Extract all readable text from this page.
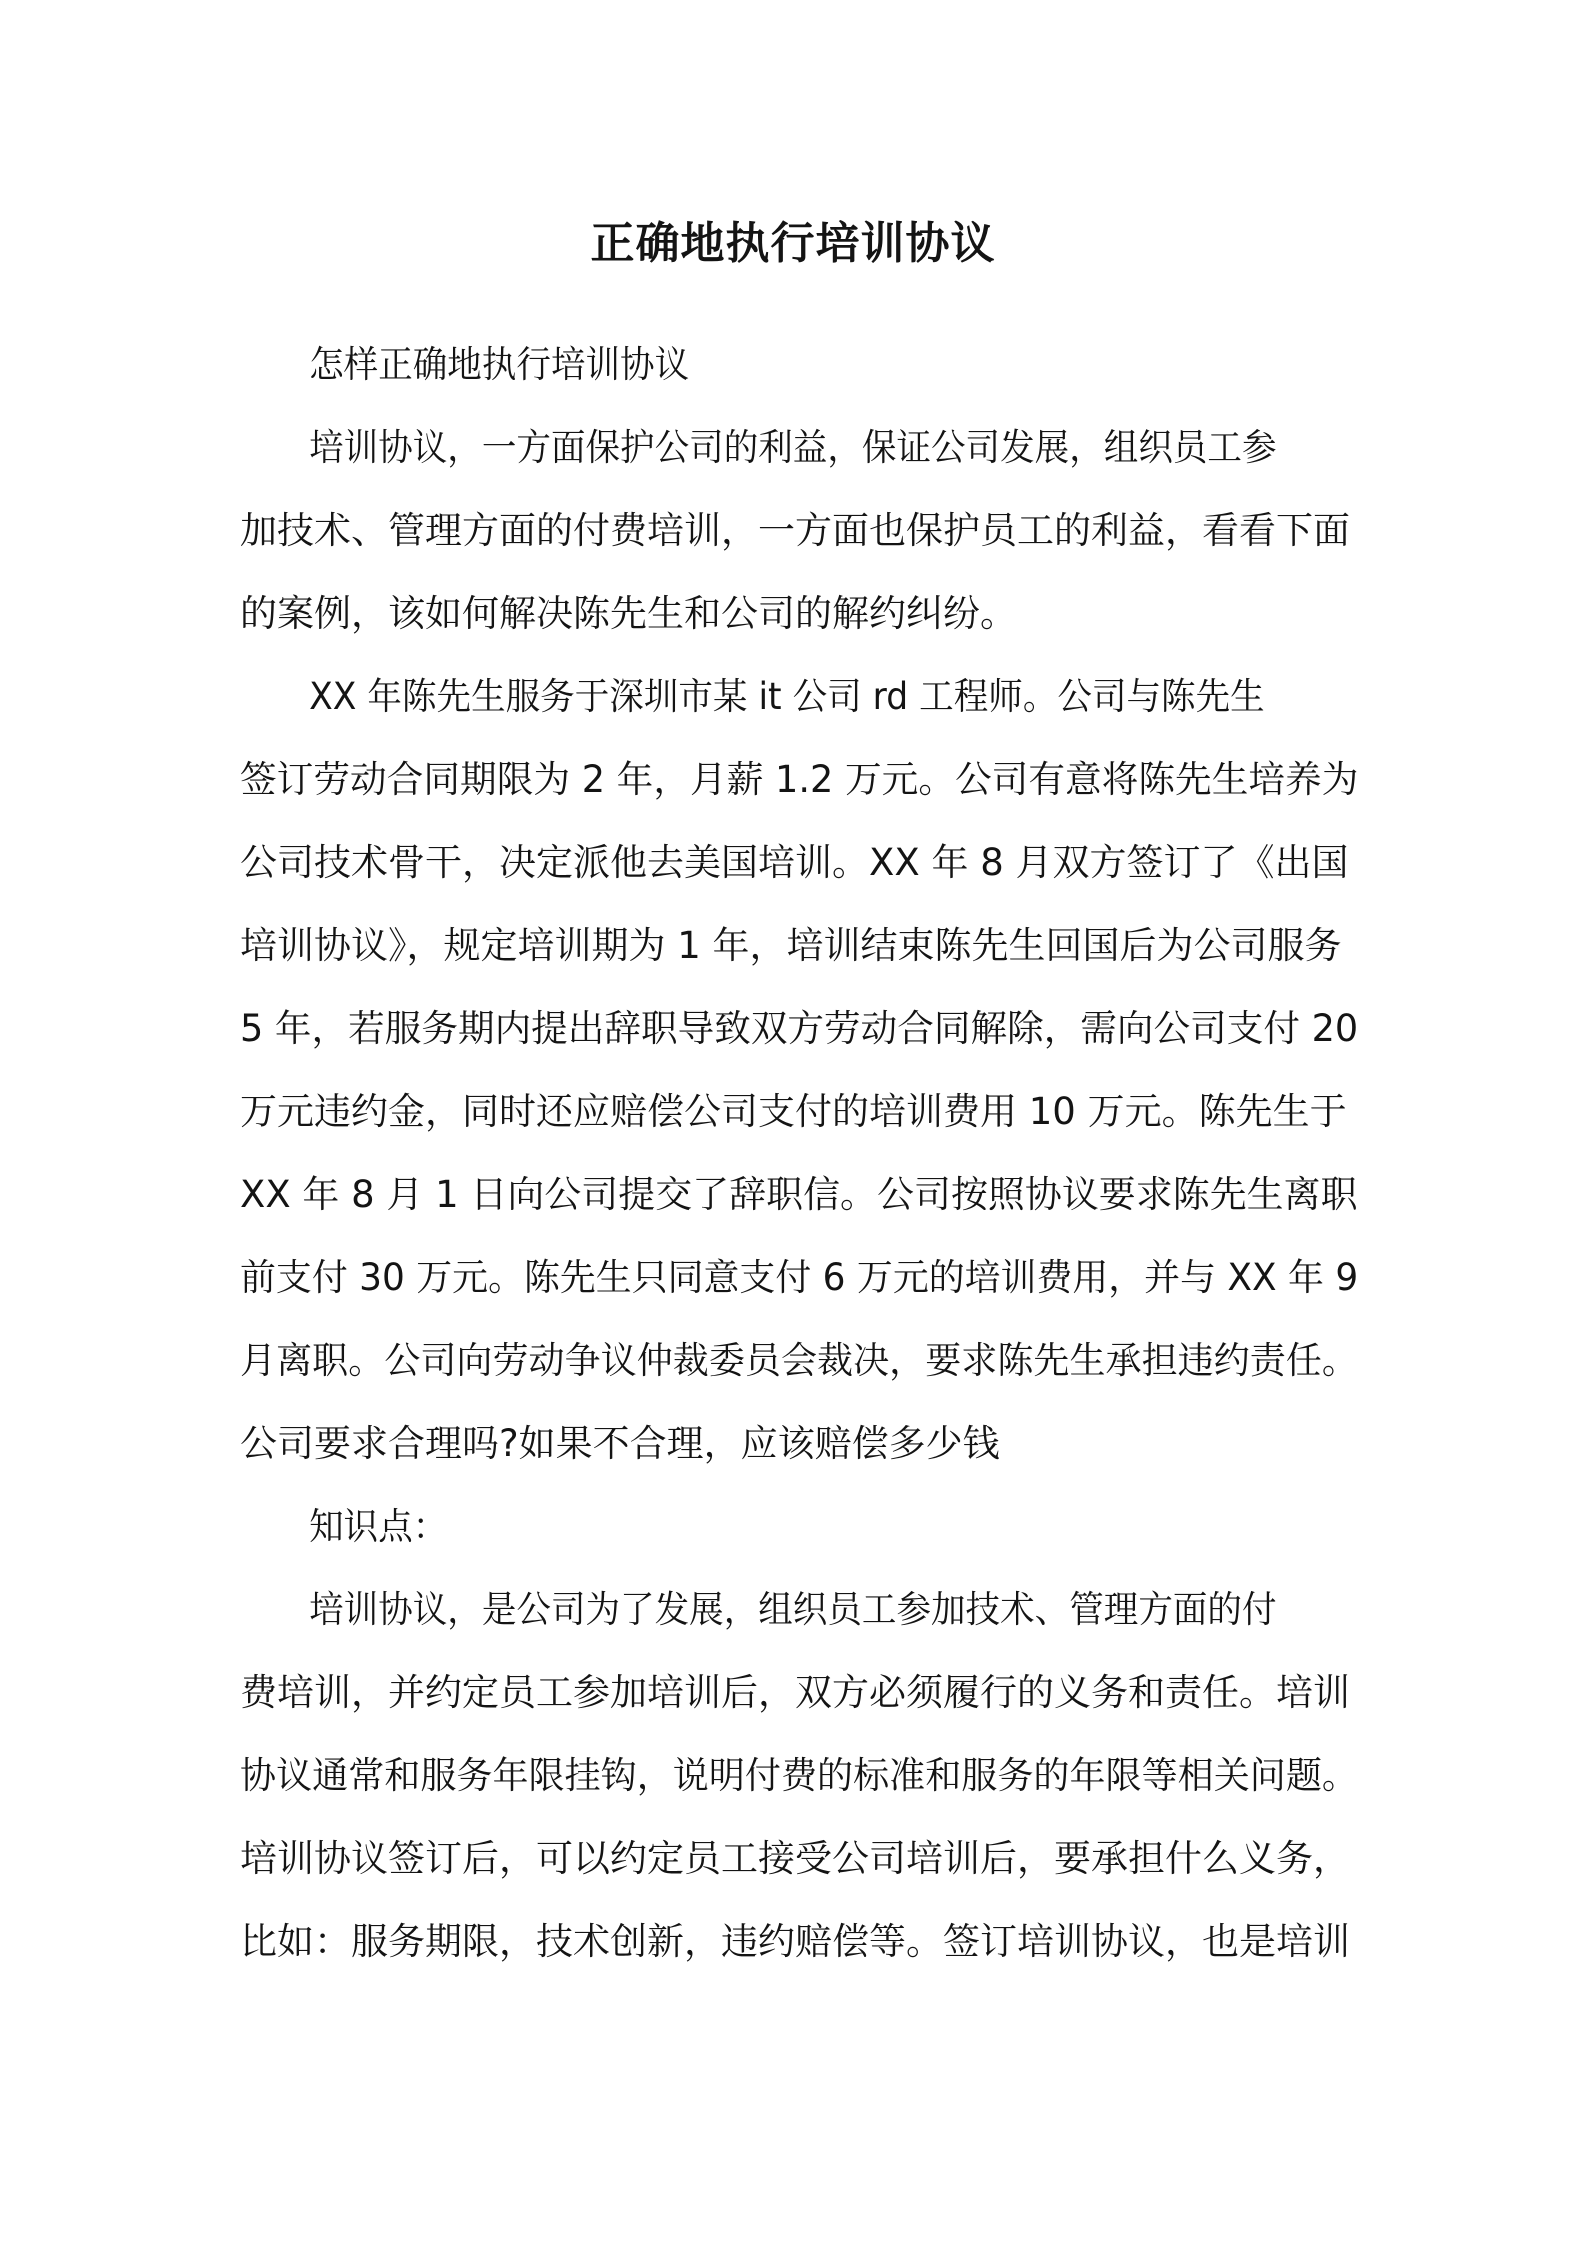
正确地执行培训协议

怎样正确地执行培训协议

培训协议，一方面保护公司的利益，保证公司发展，组织员工参
加技术、管理方面的付费培训，一方面也保护员工的利益，看看下面
的案例，该如何解决陈先生和公司的解约纠纷。

XX 年陈先生服务于深圳市某 it 公司 rd 工程师。公司与陈先生
签订劳动合同期限为 2 年，月薪 1.2 万元。公司有意将陈先生培养为
公司技术骨干，决定派他去美国培训。XX 年 8 月双方签订了《出国
培训协议》，规定培训期为 1 年，培训结束陈先生回国后为公司服务
5 年，若服务期内提出辞职导致双方劳动合同解除，需向公司支付 20
万元违约金，同时还应赔偿公司支付的培训费用 10 万元。陈先生于
XX 年 8 月 1 日向公司提交了辞职信。公司按照协议要求陈先生离职
前支付 30 万元。陈先生只同意支付 6 万元的培训费用，并与 XX 年 9
月离职。公司向劳动争议仲裁委员会裁决，要求陈先生承担违约责任。
公司要求合理吗?如果不合理，应该赔偿多少钱

知识点：

培训协议，是公司为了发展，组织员工参加技术、管理方面的付
费培训，并约定员工参加培训后，双方必须履行的义务和责任。培训
协议通常和服务年限挂钩，说明付费的标准和服务的年限等相关问题。
培训协议签订后，可以约定员工接受公司培训后，要承担什么义务，
比如：服务期限，技术创新，违约赔偿等。签订培训协议，也是培训
